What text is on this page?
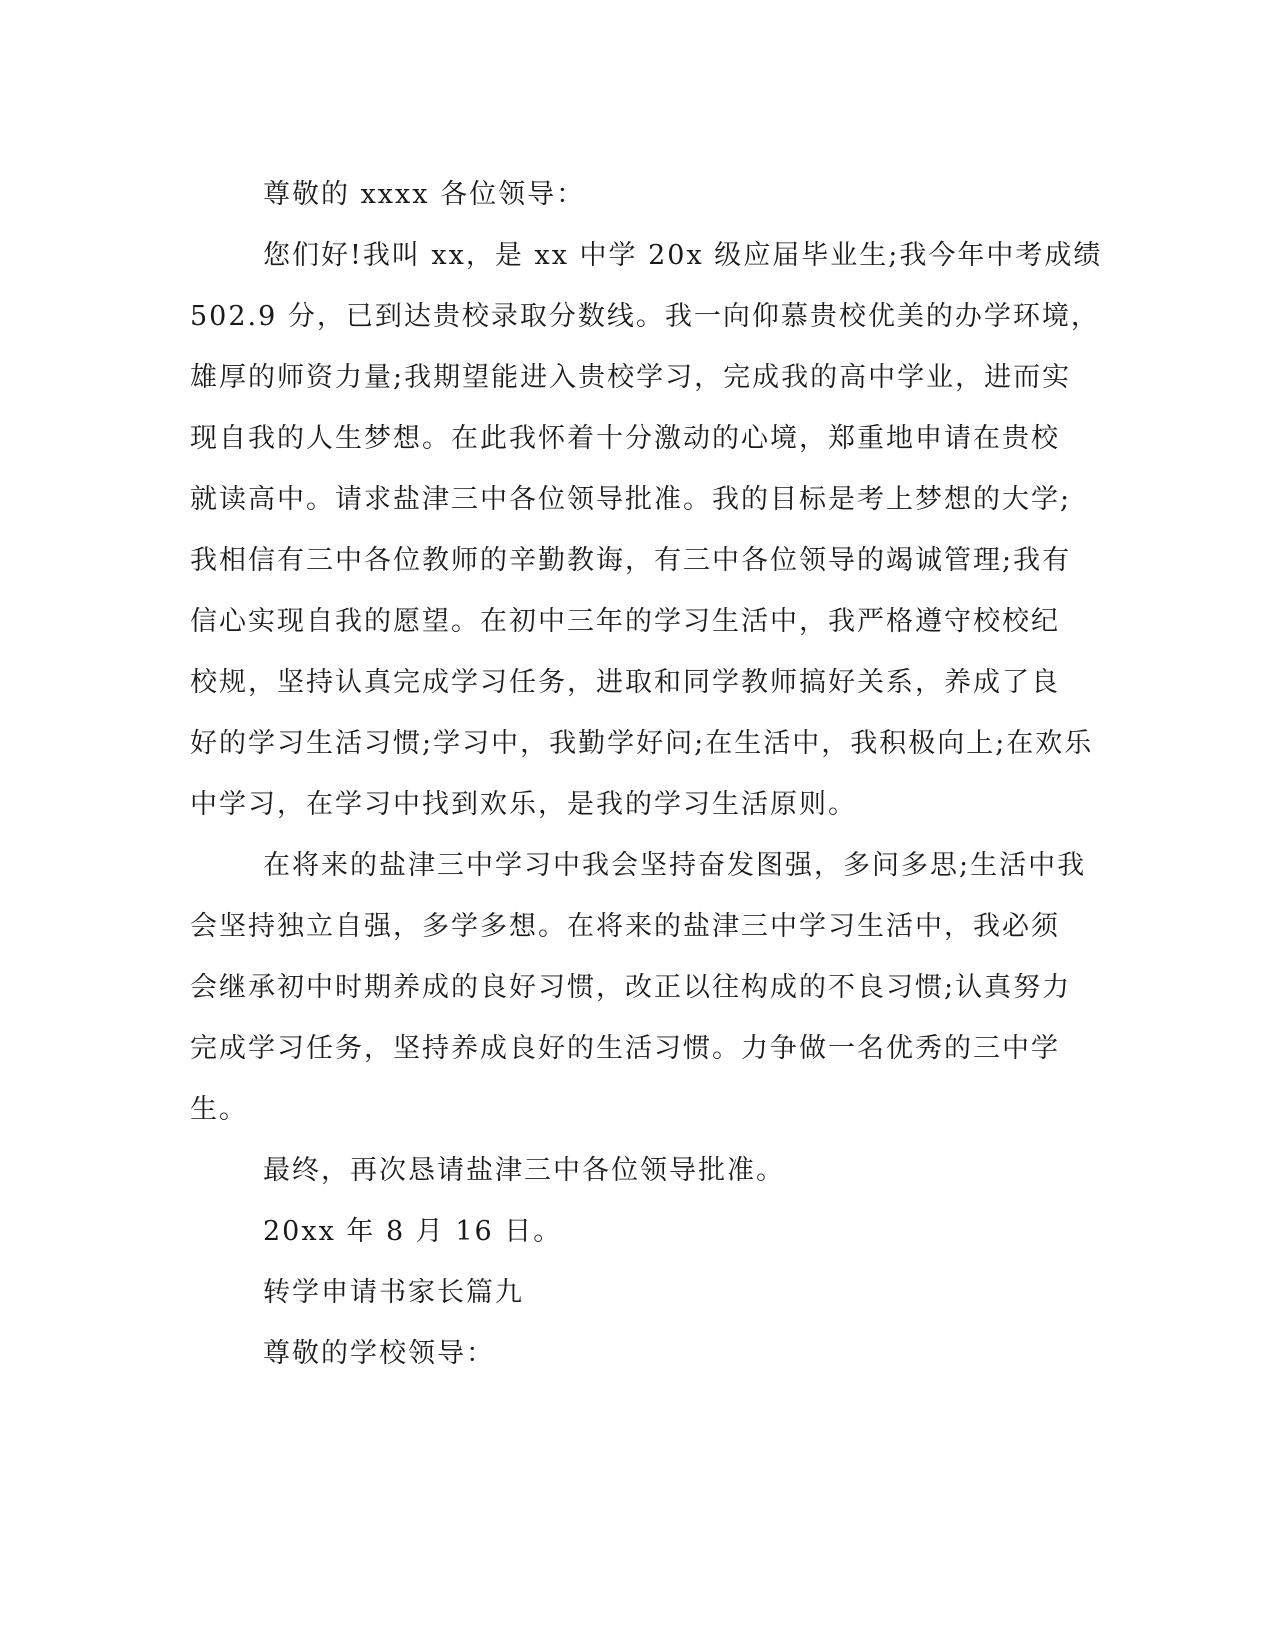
尊敬的 xxxx 各位领导：
您们好!我叫 xx，是 xx 中学 20x 级应届毕业生;我今年中考成绩
502.9 分，已到达贵校录取分数线。我一向仰慕贵校优美的办学环境，
雄厚的师资力量;我期望能进入贵校学习，完成我的高中学业，进而实
现自我的人生梦想。在此我怀着十分激动的心境，郑重地申请在贵校
就读高中。请求盐津三中各位领导批准。我的目标是考上梦想的大学;
我相信有三中各位教师的辛勤教诲，有三中各位领导的竭诚管理;我有
信心实现自我的愿望。在初中三年的学习生活中，我严格遵守校校纪
校规，坚持认真完成学习任务，进取和同学教师搞好关系，养成了良
好的学习生活习惯;学习中，我勤学好问;在生活中，我积极向上;在欢乐
中学习，在学习中找到欢乐，是我的学习生活原则。
在将来的盐津三中学习中我会坚持奋发图强，多问多思;生活中我
会坚持独立自强，多学多想。在将来的盐津三中学习生活中，我必须
会继承初中时期养成的良好习惯，改正以往构成的不良习惯;认真努力
完成学习任务，坚持养成良好的生活习惯。力争做一名优秀的三中学
生。
最终，再次恳请盐津三中各位领导批准。
20xx 年 8 月 16 日。
转学申请书家长篇九
尊敬的学校领导：
